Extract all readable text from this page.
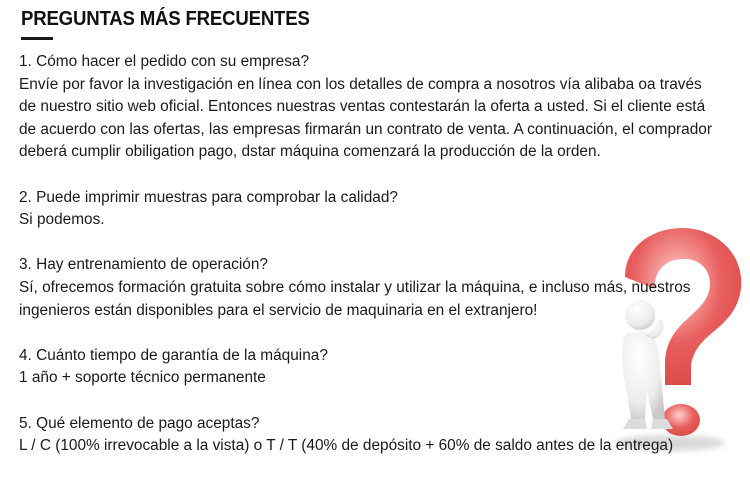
PREGUNTAS MÁS FRECUENTES
1. Cómo hacer el pedido con su empresa?
Envíe por favor la investigación en línea con los detalles de compra a nosotros vía alibaba oa través
de nuestro sitio web oficial. Entonces nuestras ventas contestarán la oferta a usted. Si el cliente está
de acuerdo con las ofertas, las empresas firmarán un contrato de venta. A continuación, el comprador
deberá cumplir obiligation pago, dstar máquina comenzará la producción de la orden.
2. Puede imprimir muestras para comprobar la calidad?
Si podemos.
3. Hay entrenamiento de operación?
Sí, ofrecemos formación gratuita sobre cómo instalar y utilizar la máquina, e incluso más, nuestros
ingenieros están disponibles para el servicio de maquinaria en el extranjero!
4. Cuánto tiempo de garantía de la máquina?
1 año + soporte técnico permanente
5. Qué elemento de pago aceptas?
L / C (100% irrevocable a la vista) o T / T (40% de depósito + 60% de saldo antes de la entrega)
